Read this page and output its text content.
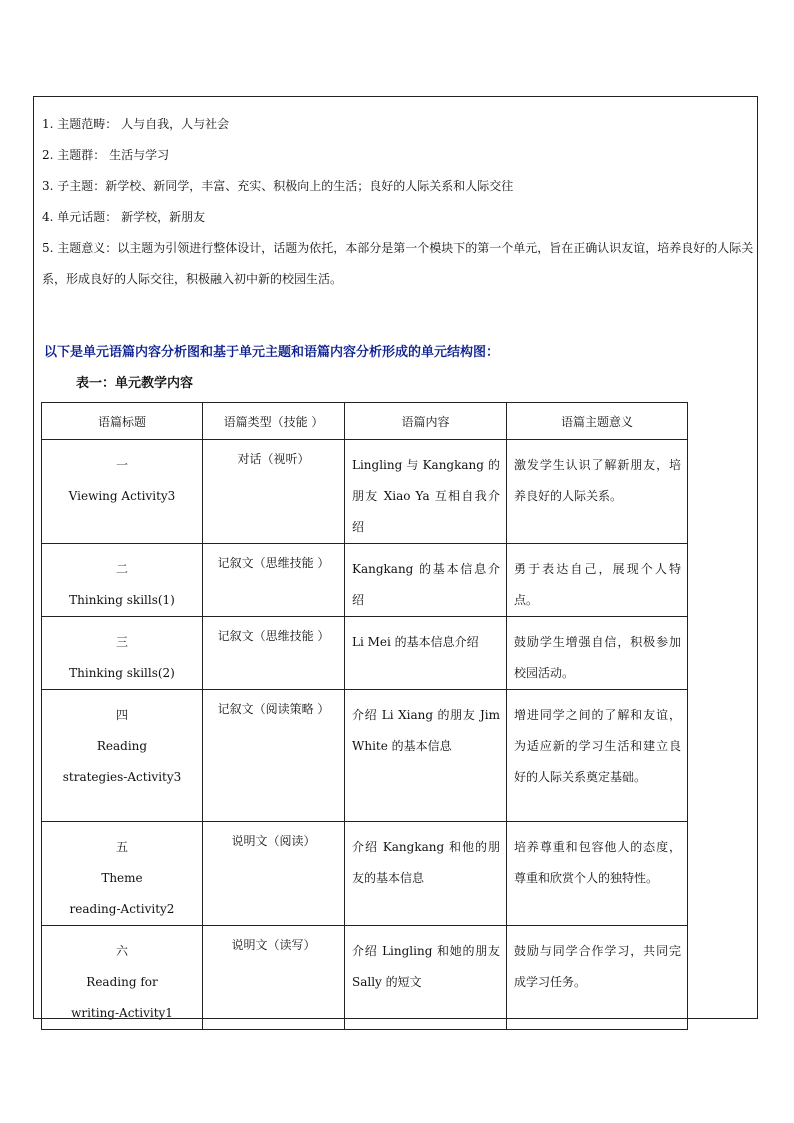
1. 主题范畴： 人与自我，人与社会

2. 主题群： 生活与学习

3. 子主题：新学校、新同学，丰富、充实、积极向上的生活；良好的人际关系和人际交往

4. 单元话题： 新学校，新朋友

5. 主题意义：以主题为引领进行整体设计，话题为依托，本部分是第一个模块下的第一个单元，旨在正确认识友谊，培养良好的人际关系，形成良好的人际交往，积极融入初中新的校园生活。

以下是单元语篇内容分析图和基于单元主题和语篇内容分析形成的单元结构图：

表一：单元教学内容

语篇标题	语篇类型（技能 ）	语篇内容	语篇主题意义

一
Viewing Activity3	对话（视听）	Lingling 与 Kangkang 的朋友 Xiao Ya 互相自我介绍	激发学生认识了解新朋友，培养良好的人际关系。

二
Thinking skills(1)	记叙文（思维技能 ）	Kangkang 的基本信息介绍	勇于表达自己，展现个人特点。

三
Thinking skills(2)	记叙文（思维技能 ）	Li Mei 的基本信息介绍	鼓励学生增强自信，积极参加校园活动。

四
Reading
strategies-Activity3	记叙文（阅读策略 ）	介绍 Li Xiang 的朋友 Jim White 的基本信息	增进同学之间的了解和友谊，为适应新的学习生活和建立良好的人际关系奠定基础。

五
Theme
reading-Activity2	说明文（阅读）	介绍 Kangkang 和他的朋友的基本信息	培养尊重和包容他人的态度，尊重和欣赏个人的独特性。

六
Reading for
writing-Activity1	说明文（读写）	介绍 Lingling 和她的朋友 Sally 的短文	鼓励与同学合作学习，共同完成学习任务。
